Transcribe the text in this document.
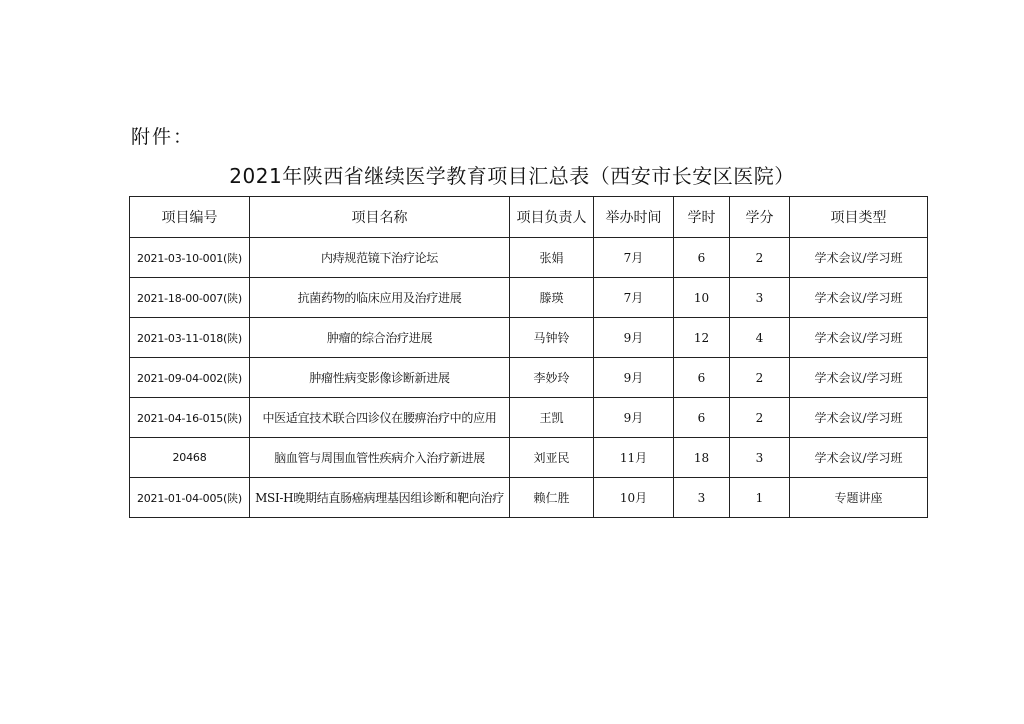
附件：
2021年陕西省继续医学教育项目汇总表（西安市长安区医院）
项目编号	项目名称	项目负责人	举办时间	学时	学分	项目类型
2021-03-10-001(陕)	内痔规范镜下治疗论坛	张娟	7月	6	2	学术会议/学习班
2021-18-00-007(陕)	抗菌药物的临床应用及治疗进展	滕瑛	7月	10	3	学术会议/学习班
2021-03-11-018(陕)	肿瘤的综合治疗进展	马钟铃	9月	12	4	学术会议/学习班
2021-09-04-002(陕)	肿瘤性病变影像诊断新进展	李妙玲	9月	6	2	学术会议/学习班
2021-04-16-015(陕)	中医适宜技术联合四诊仪在腰痹治疗中的应用	王凯	9月	6	2	学术会议/学习班
20468	脑血管与周围血管性疾病介入治疗新进展	刘亚民	11月	18	3	学术会议/学习班
2021-01-04-005(陕)	MSI-H晚期结直肠癌病理基因组诊断和靶向治疗	赖仁胜	10月	3	1	专题讲座
